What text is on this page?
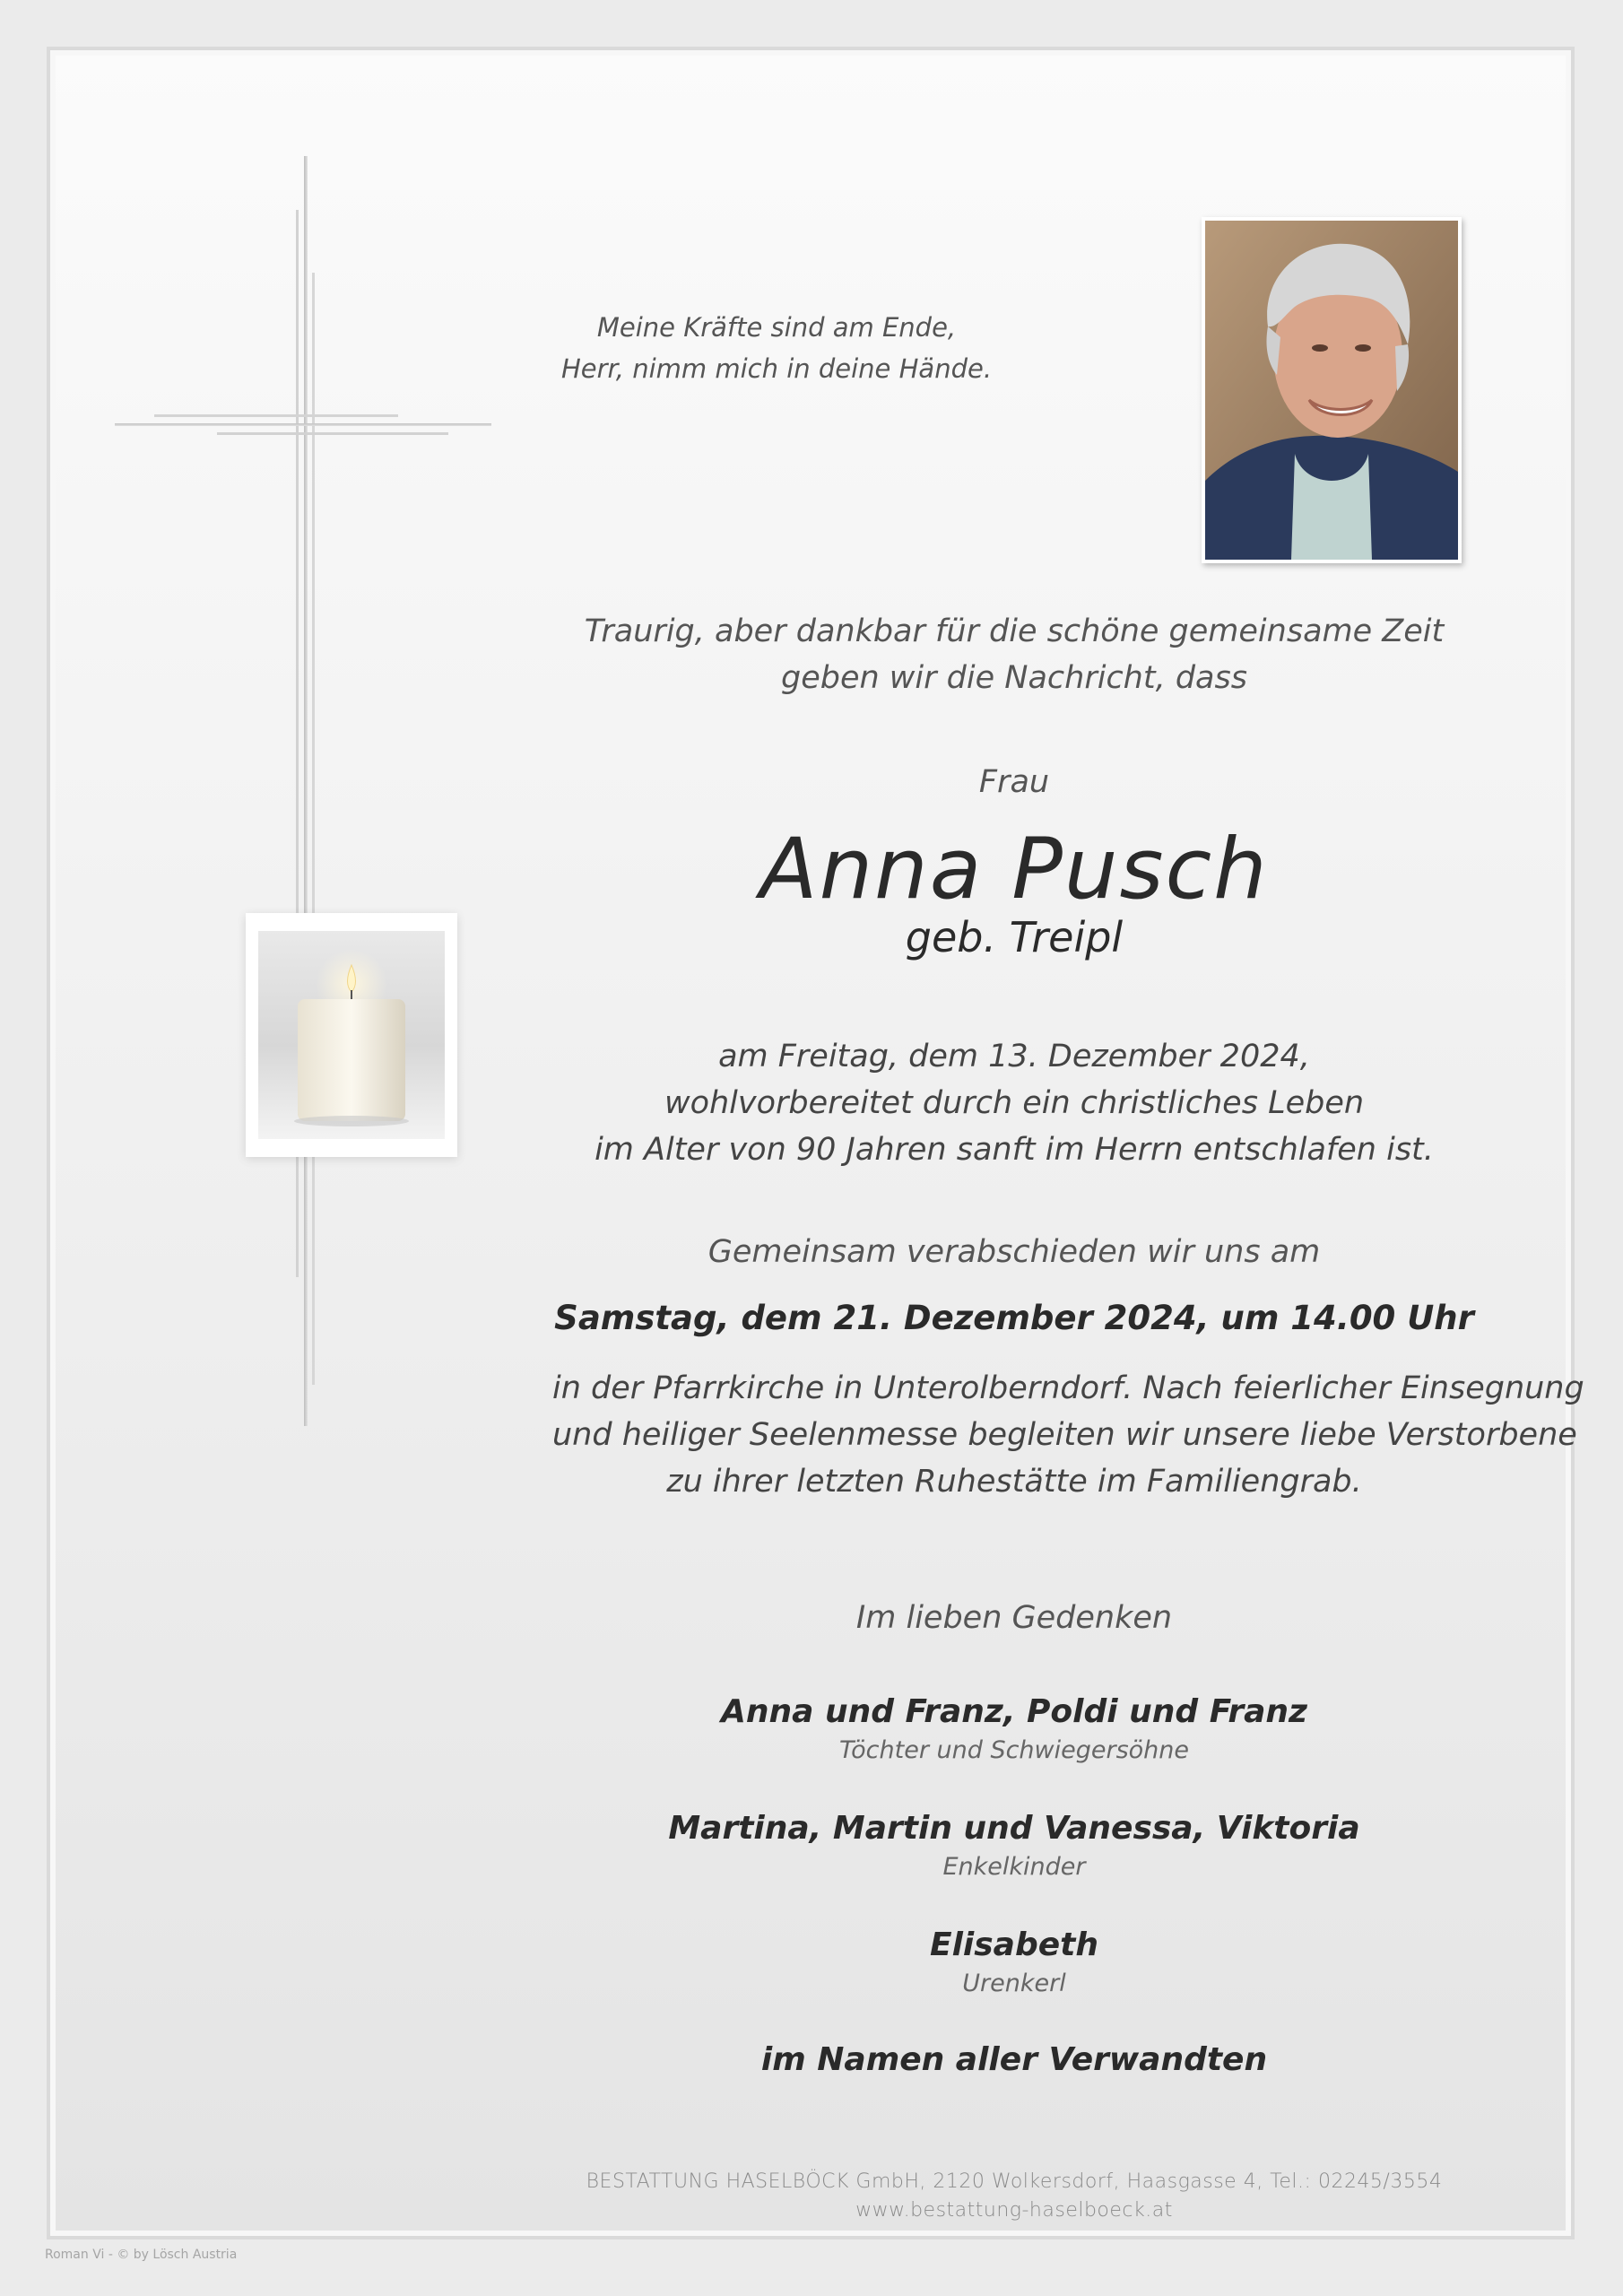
Meine Kräfte sind am Ende,
Herr, nimm mich in deine Hände.
Traurig, aber dankbar für die schöne gemeinsame Zeit
geben wir die Nachricht, dass
Frau
Anna Pusch
geb. Treipl
am Freitag, dem 13. Dezember 2024,
wohlvorbereitet durch ein christliches Leben
im Alter von 90 Jahren sanft im Herrn entschlafen ist.
Gemeinsam verabschieden wir uns am
Samstag, dem 21. Dezember 2024, um 14.00 Uhr
in der Pfarrkirche in Unterolberndorf. Nach feierlicher Einsegnung
und heiliger Seelenmesse begleiten wir unsere liebe Verstorbene
zu ihrer letzten Ruhestätte im Familiengrab.
Im lieben Gedenken
Anna und Franz, Poldi und Franz
Töchter und Schwiegersöhne
Martina, Martin und Vanessa, Viktoria
Enkelkinder
Elisabeth
Urenkerl
im Namen aller Verwandten
BESTATTUNG HASELBÖCK GmbH, 2120 Wolkersdorf, Haasgasse 4, Tel.: 02245/3554
www.bestattung-haselboeck.at
Roman Vi - © by Lösch Austria
